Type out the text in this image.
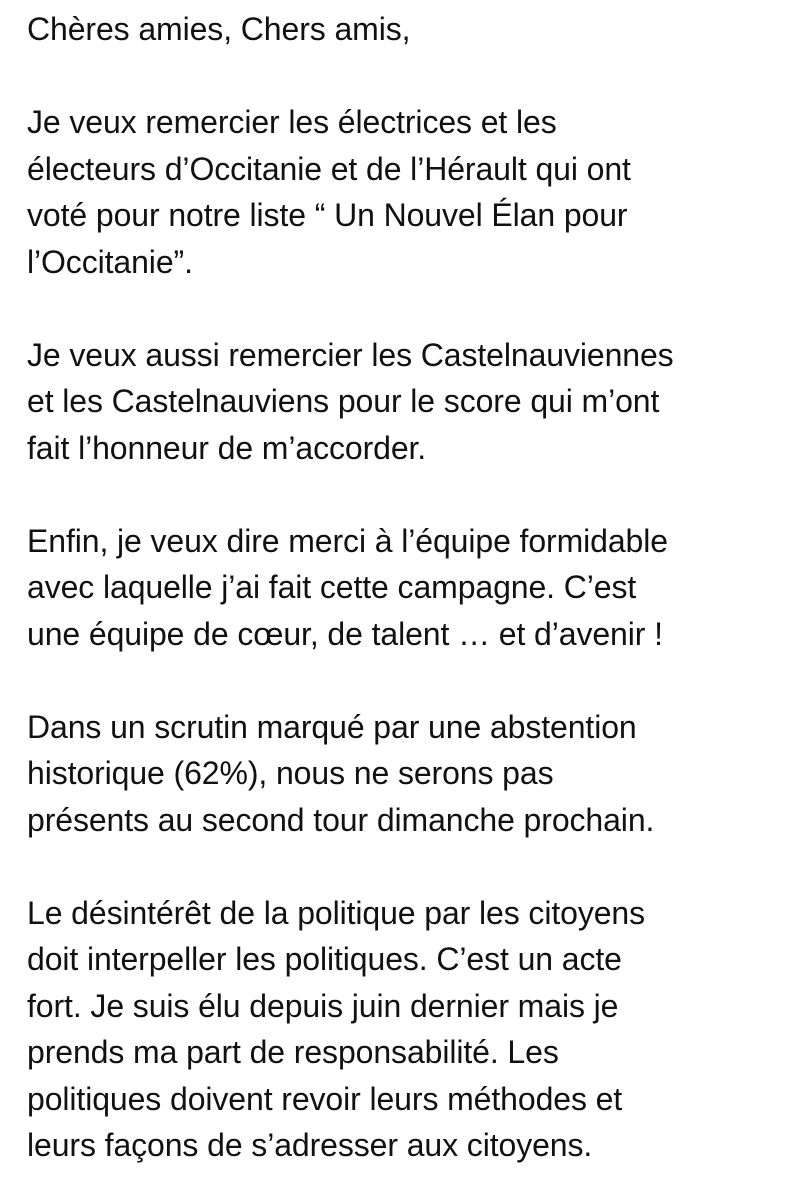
Chères amies, Chers amis,

Je veux remercier les électrices et les
électeurs d’Occitanie et de l’Hérault qui ont
voté pour notre liste “ Un Nouvel Élan pour
l’Occitanie”.

Je veux aussi remercier les Castelnauviennes
et les Castelnauviens pour le score qui m’ont
fait l’honneur de m’accorder.

Enfin, je veux dire merci à l’équipe formidable
avec laquelle j’ai fait cette campagne. C’est
une équipe de cœur, de talent … et d’avenir !

Dans un scrutin marqué par une abstention
historique (62%), nous ne serons pas
présents au second tour dimanche prochain.

Le désintérêt de la politique par les citoyens
doit interpeller les politiques. C’est un acte
fort. Je suis élu depuis juin dernier mais je
prends ma part de responsabilité. Les
politiques doivent revoir leurs méthodes et
leurs façons de s’adresser aux citoyens.
